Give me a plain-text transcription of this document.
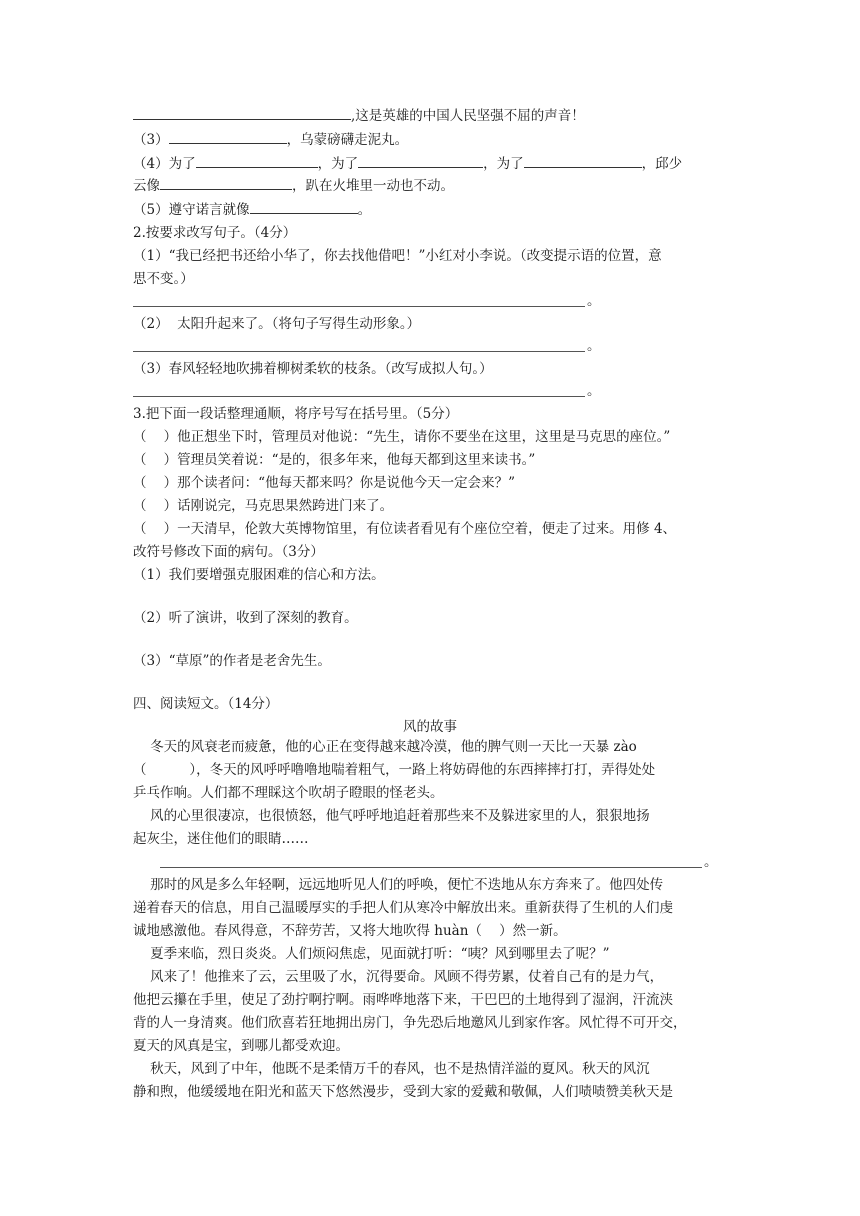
,这是英雄的中国人民坚强不屈的声音！
（3）	，乌蒙磅礴走泥丸。
（4）为了	，为了	，为了	，邱少
云像	，趴在火堆里一动也不动。
（5）遵守诺言就像	。
2.按要求改写句子。（4分）
（1）“我已经把书还给小华了，你去找他借吧！”小红对小李说。（改变提示语的位置，意
思不变。）
。
（2）  太阳升起来了。（将句子写得生动形象。）
。
（3）春风轻轻地吹拂着柳树柔软的枝条。（改写成拟人句。）
。
3.把下面一段话整理通顺，将序号写在括号里。（5分）
（    ）他正想坐下时，管理员对他说：“先生，请你不要坐在这里，这里是马克思的座位。”
（    ）管理员笑着说：“是的，很多年来，他每天都到这里来读书。”
（    ）那个读者问：“他每天都来吗？你是说他今天一定会来？”
（    ）话刚说完，马克思果然跨进门来了。
（    ）一天清早，伦敦大英博物馆里，有位读者看见有个座位空着，便走了过来。用修 4、
改符号修改下面的病句。（3分）
（1）我们要增强克服困难的信心和方法。
（2）听了演讲，收到了深刻的教育。
（3）“草原”的作者是老舍先生。
四、阅读短文。（14分）
风的故事
冬天的风衰老而疲惫，他的心正在变得越来越冷漠，他的脾气则一天比一天暴 zào
（          ），冬天的风呼呼噜噜地喘着粗气，一路上将妨碍他的东西摔摔打打，弄得处处
乒乓作响。人们都不理睬这个吹胡子瞪眼的怪老头。
风的心里很凄凉，也很愤怒，他气呼呼地追赶着那些来不及躲进家里的人，狠狠地扬
起灰尘，迷住他们的眼睛……
。
那时的风是多么年轻啊，远远地听见人们的呼唤，便忙不迭地从东方奔来了。他四处传
递着春天的信息，用自己温暖厚实的手把人们从寒冷中解放出来。重新获得了生机的人们虔
诚地感激他。春风得意，不辞劳苦，又将大地吹得 huàn（    ）然一新。
夏季来临，烈日炎炎。人们烦闷焦虑，见面就打听：“咦？风到哪里去了呢？”
风来了！他推来了云，云里吸了水，沉得要命。风顾不得劳累，仗着自己有的是力气，
他把云攥在手里，使足了劲拧啊拧啊。雨哗哗地落下来，干巴巴的土地得到了湿润，汗流浃
背的人一身清爽。他们欣喜若狂地拥出房门，争先恐后地邀风儿到家作客。风忙得不可开交，
夏天的风真是宝，到哪儿都受欢迎。
秋天，风到了中年，他既不是柔情万千的春风，也不是热情洋溢的夏风。秋天的风沉
静和煦，他缓缓地在阳光和蓝天下悠然漫步，受到大家的爱戴和敬佩，人们啧啧赞美秋天是
